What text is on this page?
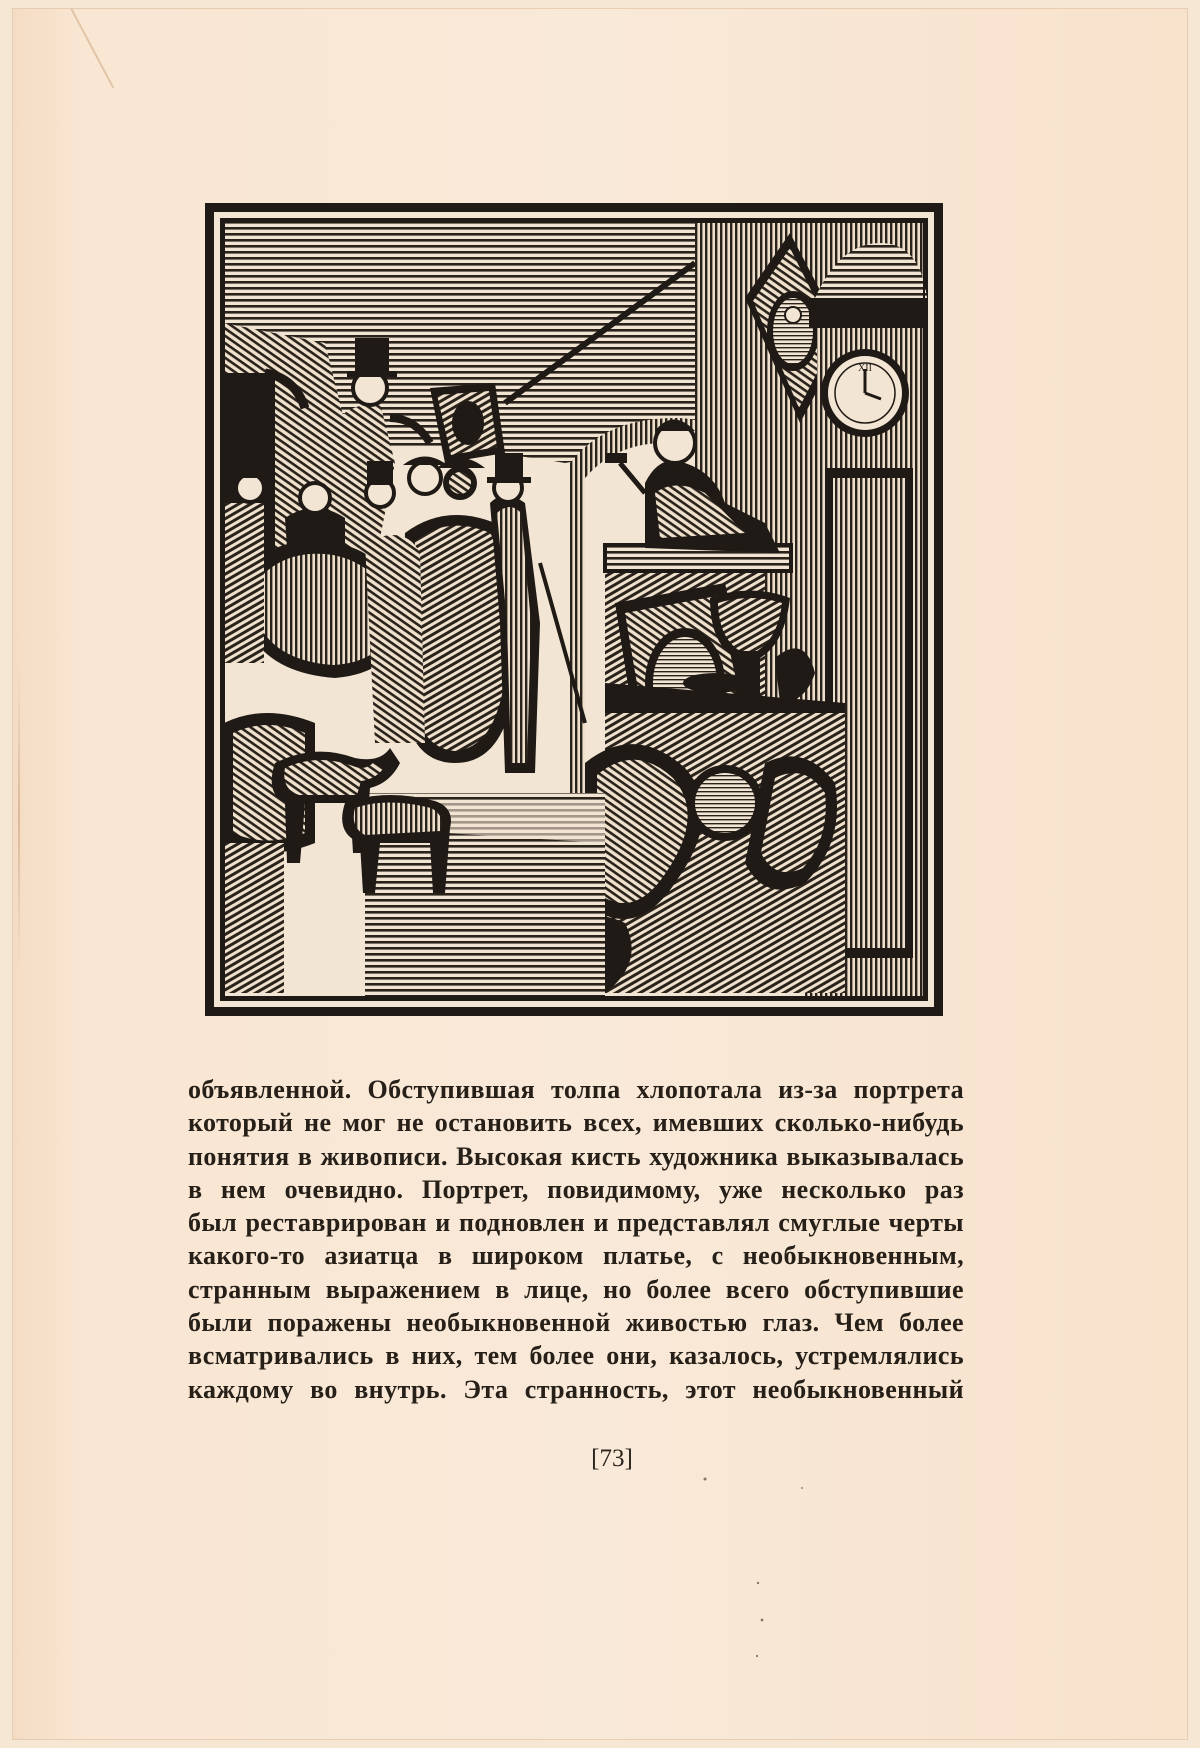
XII
объявленной. Обступившая толпа хлопотала из-за портрета
который не мог не остановить всех, имевших сколько-нибудь
понятия в живописи. Высокая кисть художника выказывалась
в нем очевидно. Портрет, повидимому, уже несколько раз
был реставрирован и подновлен и представлял смуглые черты
какого-то азиатца в широком платье, с необыкновенным,
странным выражением в лице, но более всего обступившие
были поражены необыкновенной живостью глаз. Чем более
всматривались в них, тем более они, казалось, устремлялись
каждому во внутрь. Эта странность, этот необыкновенный
[73]
